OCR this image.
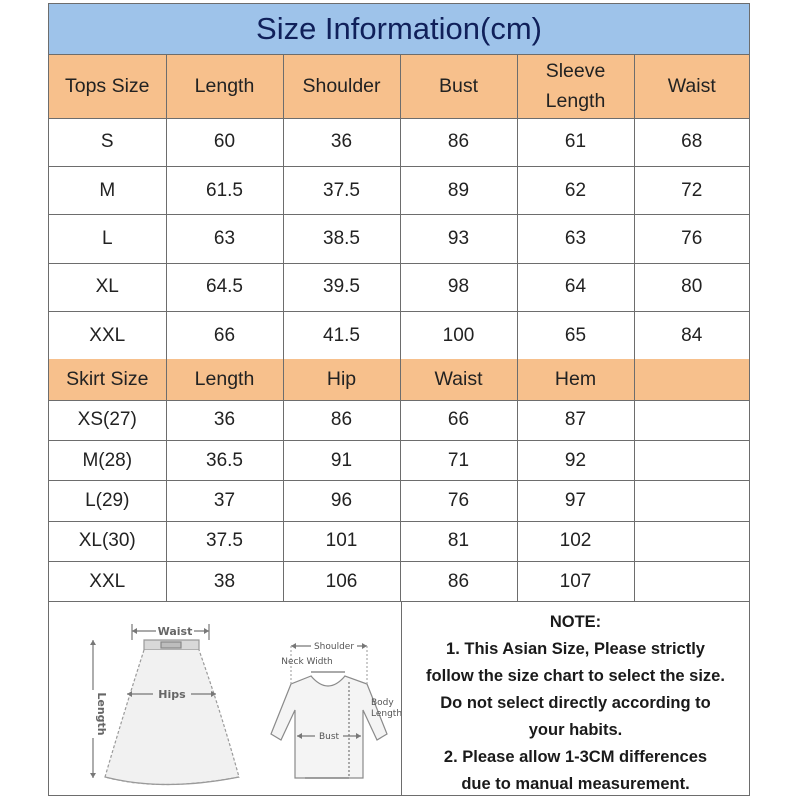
Size Information(cm)
Tops Size	Length	Shoulder	Bust	Sleeve Length	Waist
S	60	36	86	61	68
M	61.5	37.5	89	62	72
L	63	38.5	93	63	76
XL	64.5	39.5	98	64	80
XXL	66	41.5	100	65	84
Skirt Size	Length	Hip	Waist	Hem	
XS(27)	36	86	66	87	
M(28)	36.5	91	71	92	
L(29)	37	96	76	97	
XL(30)	37.5	101	81	102	
XXL	38	106	86	107	
Waist
Hips
Length
Shoulder
Neck Width
Body
Length
Bust
NOTE:
1. This Asian Size, Please strictly
follow the size chart to select the size.
Do not select directly according to
your habits.
2. Please allow 1-3CM differences
due to manual measurement.
